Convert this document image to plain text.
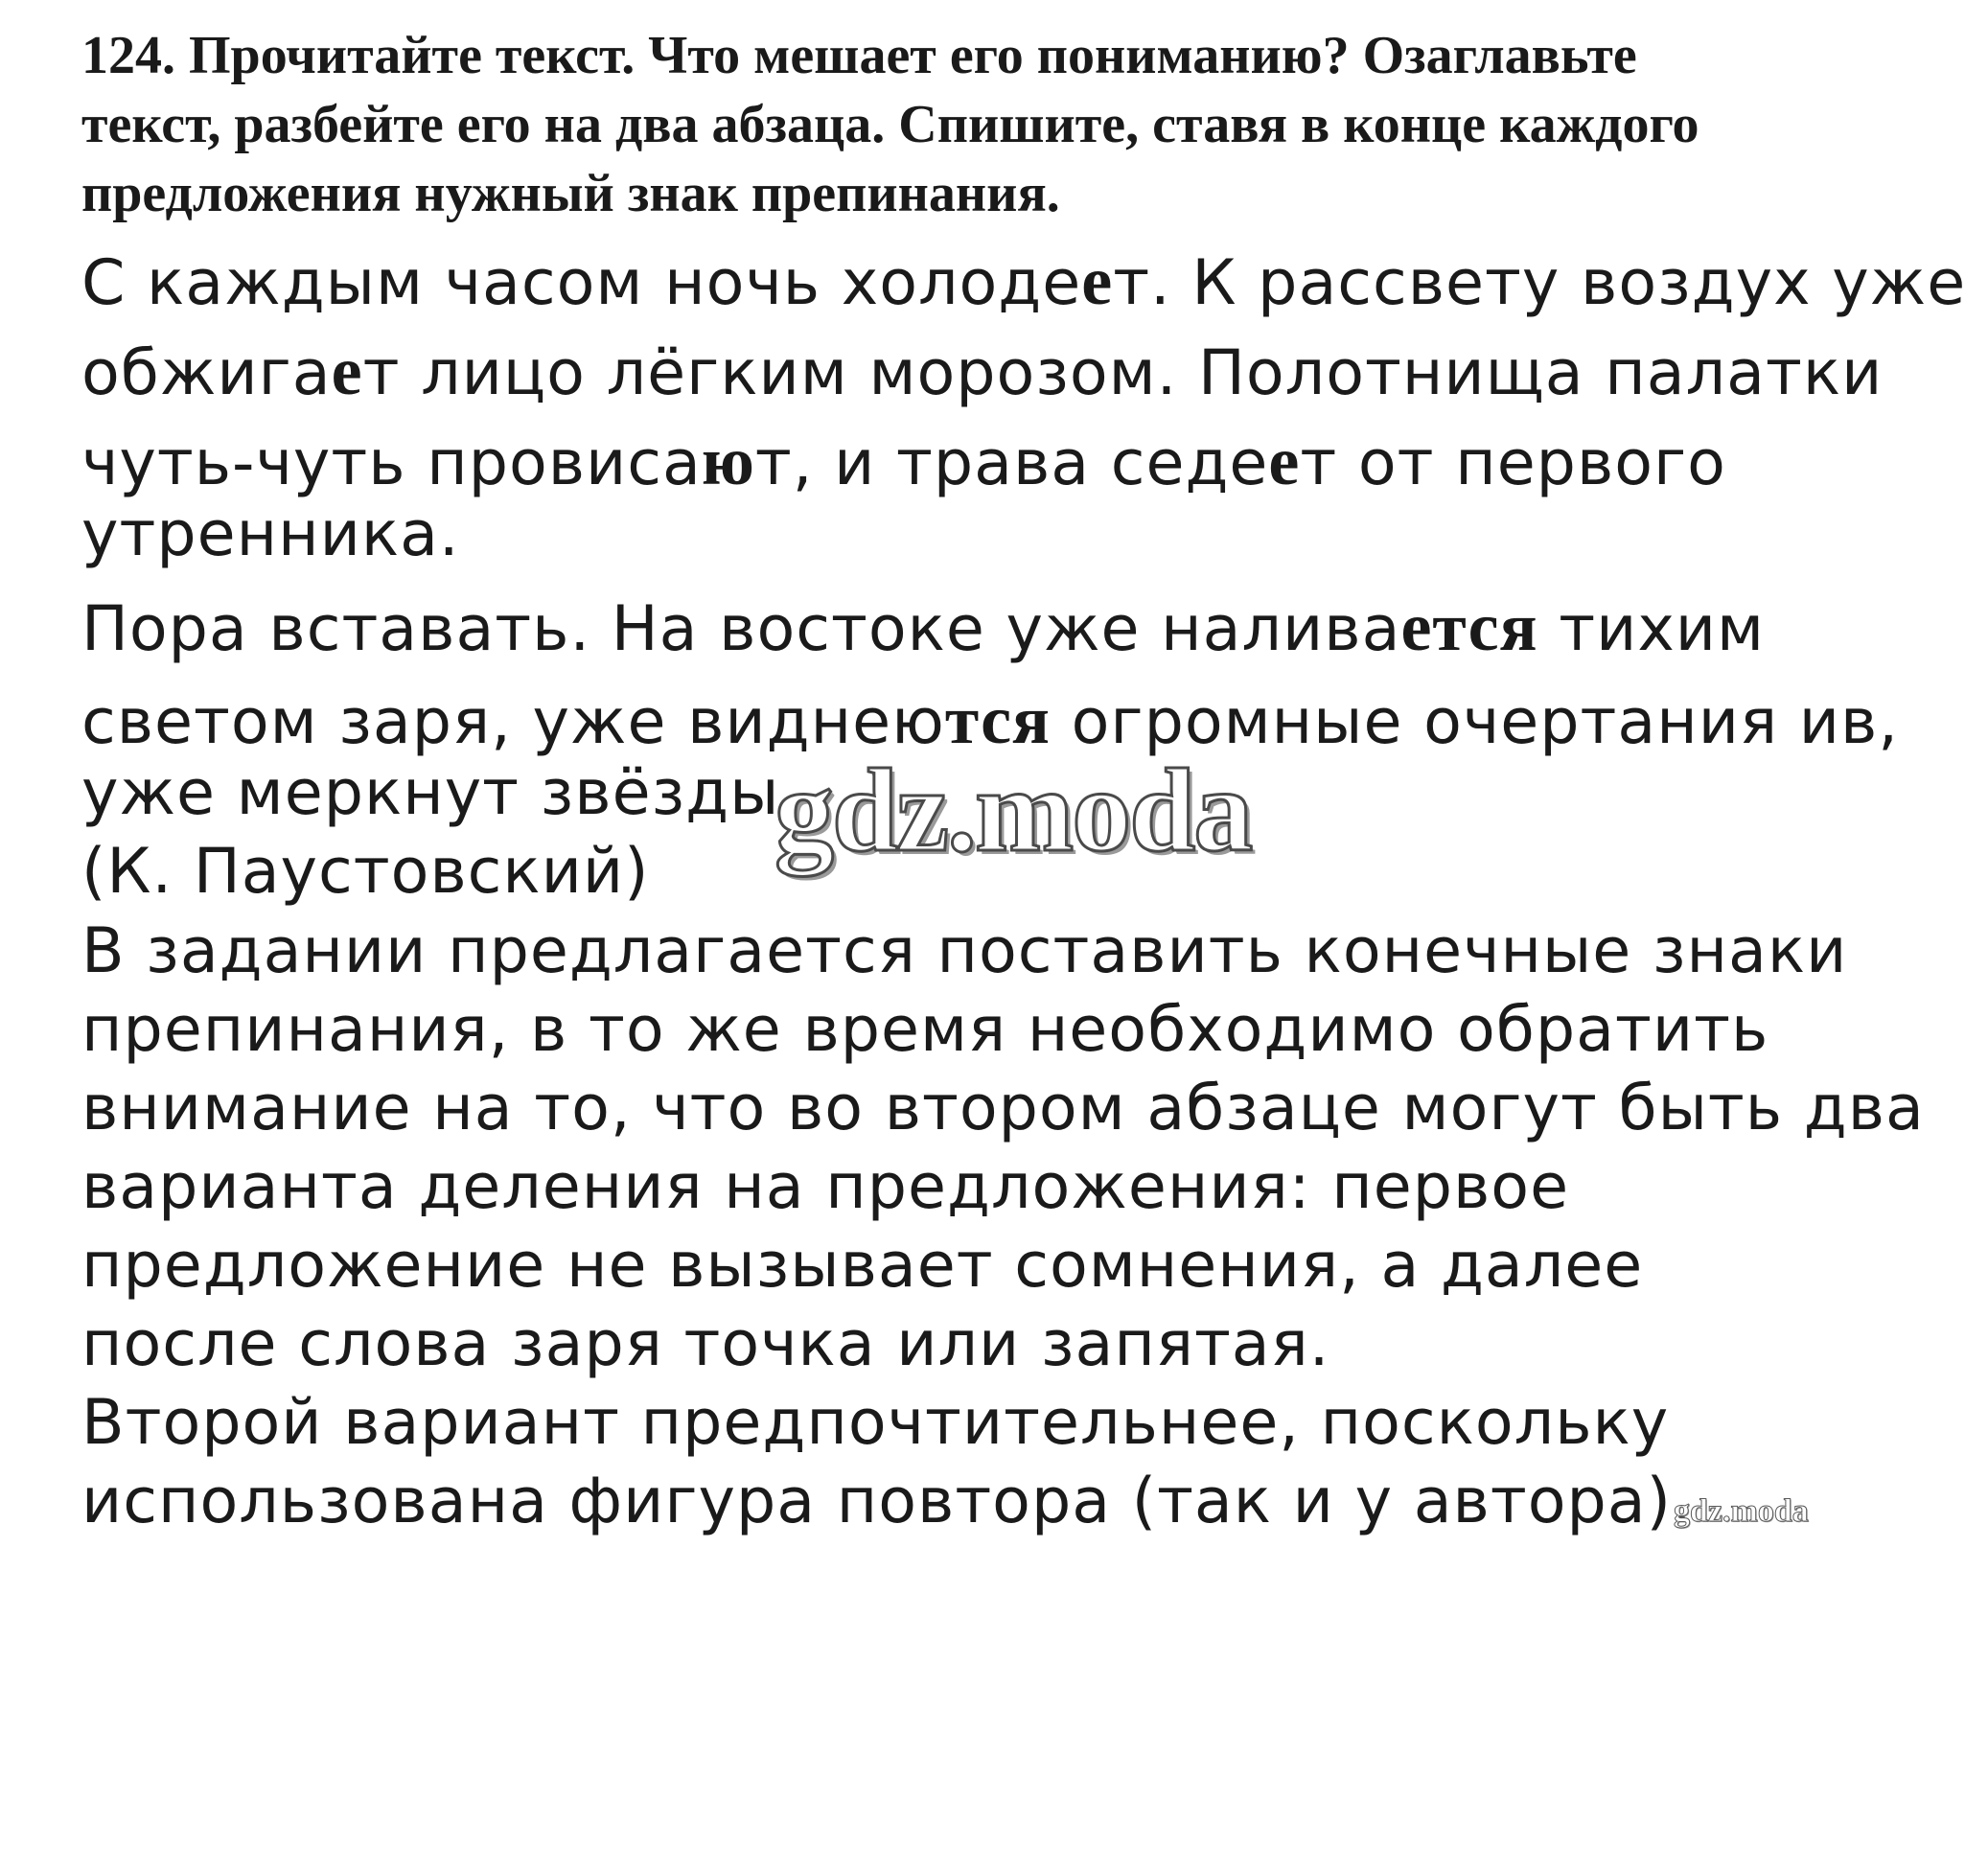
124. Прочитайте текст. Что мешает его пониманию? Озаглавьте
текст, разбейте его на два абзаца. Спишите, ставя в конце каждого
предложения нужный знак препинания.
С каждым часом ночь холодеет. К рассвету воздух уже
обжигает лицо лёгким морозом. Полотнища палатки
чуть-чуть провисают, и трава седеет от первого
утренника.
Пора вставать. На востоке уже наливается тихим
светом заря, уже виднеются огромные очертания ив,
уже меркнут звёзды.
(К. Паустовский)
В задании предлагается поставить конечные знаки
препинания, в то же время необходимо обратить
внимание на то, что во втором абзаце могут быть два
варианта деления на предложения: первое
предложение не вызывает сомнения, а далее
после слова заря точка или запятая.
Второй вариант предпочтительнее, поскольку
использована фигура повтора (так и у автора).
gdz.moda
gdz.moda
